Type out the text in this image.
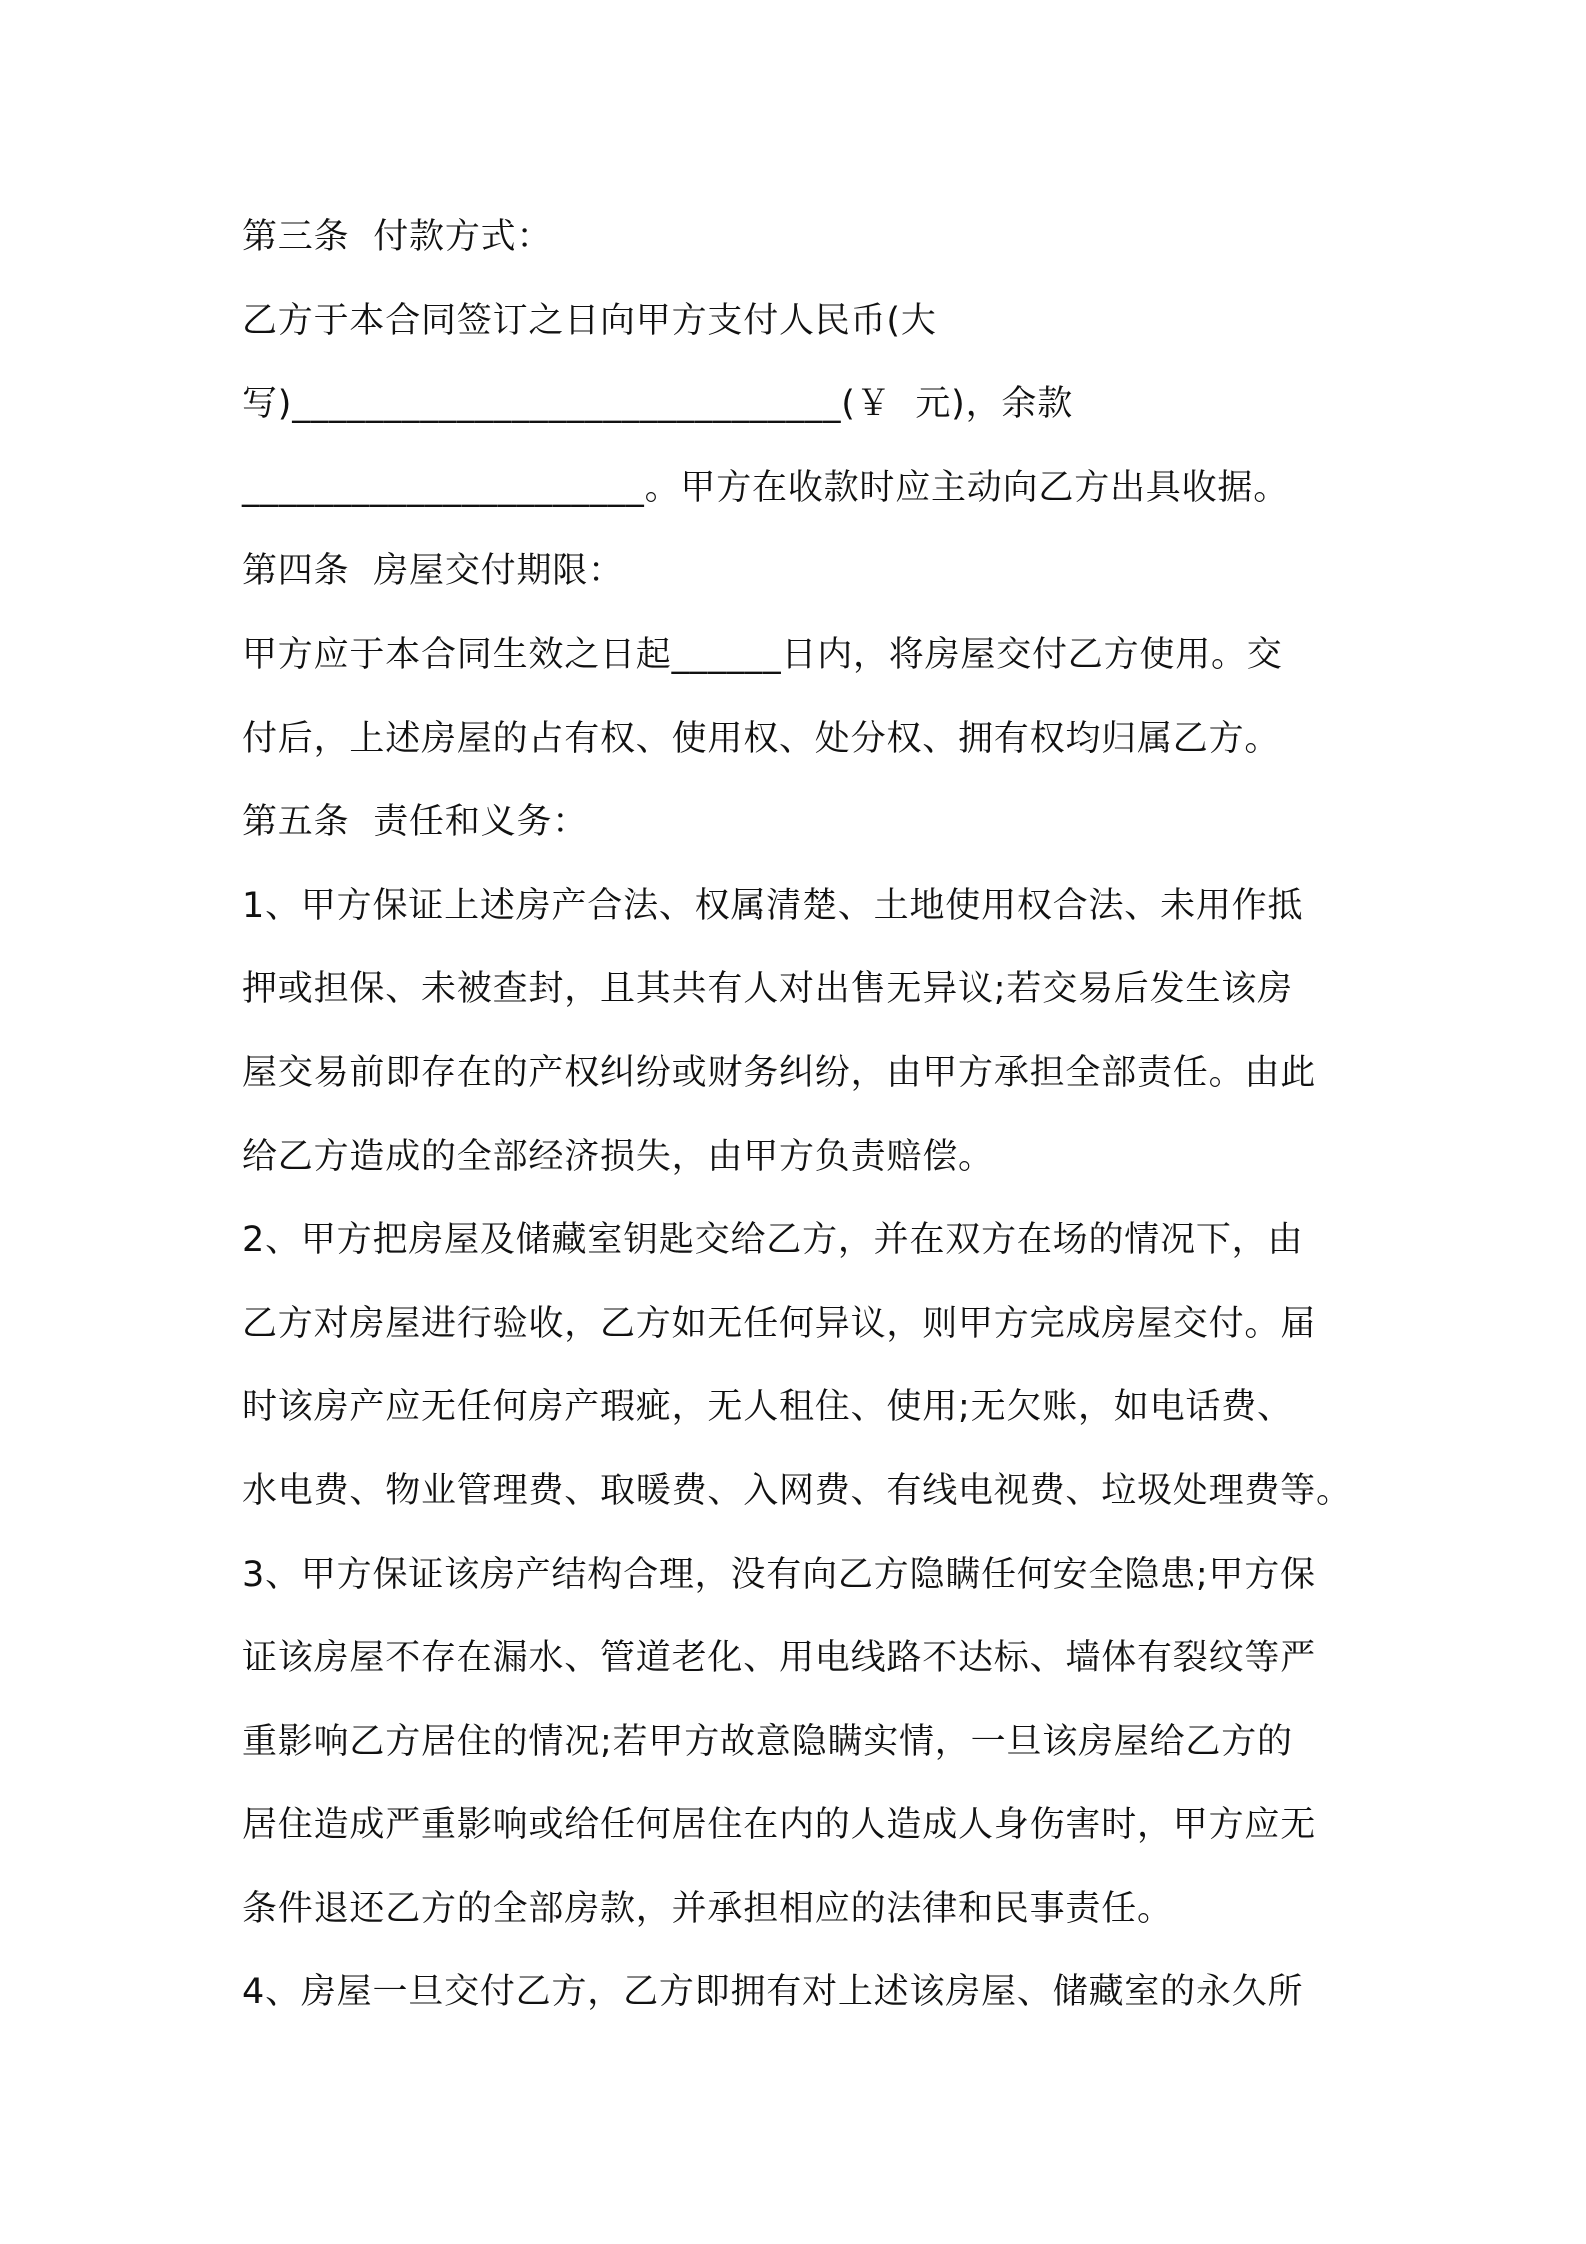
第三条  付款方式：
乙方于本合同签订之日向甲方支付人民币(大
写)______________________________(￥  元)，余款
______________________。甲方在收款时应主动向乙方出具收据。
第四条  房屋交付期限：
甲方应于本合同生效之日起______日内，将房屋交付乙方使用。交
付后，上述房屋的占有权、使用权、处分权、拥有权均归属乙方。
第五条  责任和义务：
1、甲方保证上述房产合法、权属清楚、土地使用权合法、未用作抵
押或担保、未被查封，且其共有人对出售无异议;若交易后发生该房
屋交易前即存在的产权纠纷或财务纠纷，由甲方承担全部责任。由此
给乙方造成的全部经济损失，由甲方负责赔偿。
2、甲方把房屋及储藏室钥匙交给乙方，并在双方在场的情况下，由
乙方对房屋进行验收，乙方如无任何异议，则甲方完成房屋交付。届
时该房产应无任何房产瑕疵，无人租住、使用;无欠账，如电话费、
水电费、物业管理费、取暖费、入网费、有线电视费、垃圾处理费等。
3、甲方保证该房产结构合理，没有向乙方隐瞒任何安全隐患;甲方保
证该房屋不存在漏水、管道老化、用电线路不达标、墙体有裂纹等严
重影响乙方居住的情况;若甲方故意隐瞒实情，一旦该房屋给乙方的
居住造成严重影响或给任何居住在内的人造成人身伤害时，甲方应无
条件退还乙方的全部房款，并承担相应的法律和民事责任。
4、房屋一旦交付乙方，乙方即拥有对上述该房屋、储藏室的永久所
